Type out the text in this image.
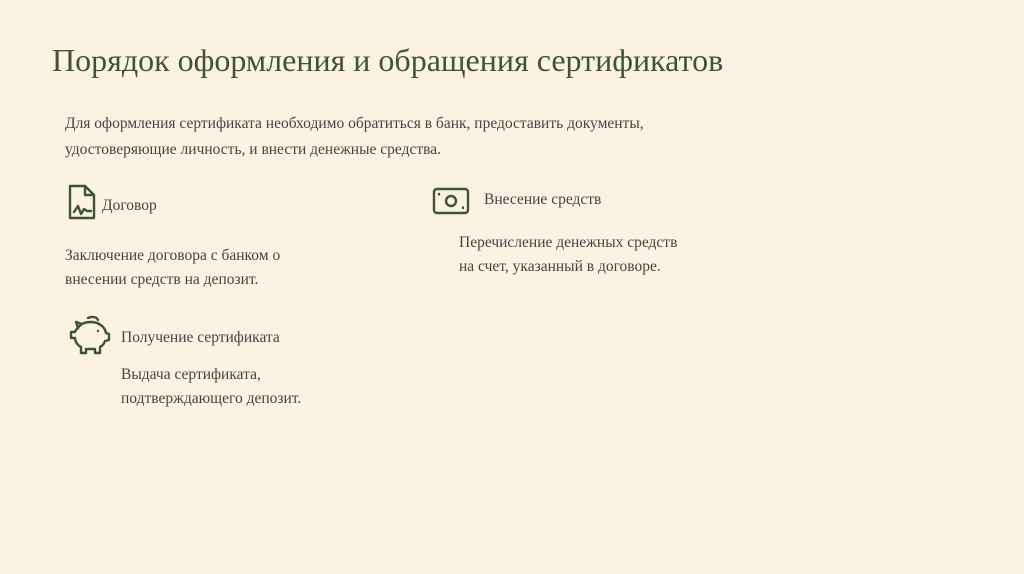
Порядок оформления и обращения сертификатов
Для оформления сертификата необходимо обратиться в банк, предоставить документы,
удостоверяющие личность, и внести денежные средства.
Договор
Заключение договора с банком о
внесении средств на депозит.
Внесение средств
Перечисление денежных средств
на счет, указанный в договоре.
Получение сертификата
Выдача сертификата,
подтверждающего депозит.
